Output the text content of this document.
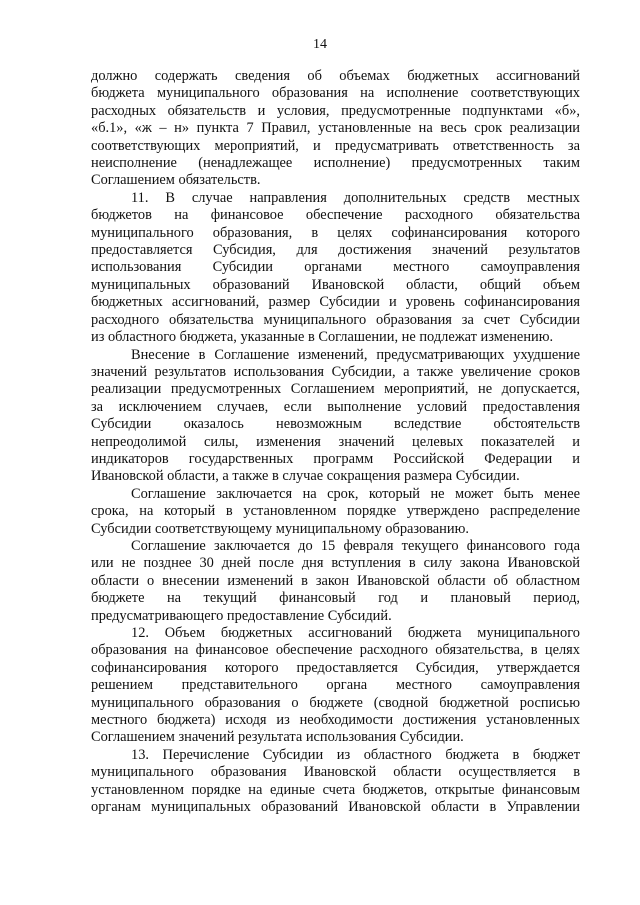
14
должно содержать сведения об объемах бюджетных ассигнований
бюджета муниципального образования на исполнение соответствующих
расходных обязательств и условия, предусмотренные подпунктами «б»,
«б.1», «ж – н» пункта 7 Правил, установленные на весь срок реализации
соответствующих мероприятий, и предусматривать ответственность за
неисполнение (ненадлежащее исполнение) предусмотренных таким
Соглашением обязательств.
11. В случае направления дополнительных средств местных
бюджетов на финансовое обеспечение расходного обязательства
муниципального образования, в целях софинансирования которого
предоставляется Субсидия, для достижения значений результатов
использования Субсидии органами местного самоуправления
муниципальных образований Ивановской области, общий объем
бюджетных ассигнований, размер Субсидии и уровень софинансирования
расходного обязательства муниципального образования за счет Субсидии
из областного бюджета, указанные в Соглашении, не подлежат изменению.
Внесение в Соглашение изменений, предусматривающих ухудшение
значений результатов использования Субсидии, а также увеличение сроков
реализации предусмотренных Соглашением мероприятий, не допускается,
за исключением случаев, если выполнение условий предоставления
Субсидии оказалось невозможным вследствие обстоятельств
непреодолимой силы, изменения значений целевых показателей и
индикаторов государственных программ Российской Федерации и
Ивановской области, а также в случае сокращения размера Субсидии.
Соглашение заключается на срок, который не может быть менее
срока, на который в установленном порядке утверждено распределение
Субсидии соответствующему муниципальному образованию.
Соглашение заключается до 15 февраля текущего финансового года
или не позднее 30 дней после дня вступления в силу закона Ивановской
области о внесении изменений в закон Ивановской области об областном
бюджете на текущий финансовый год и плановый период,
предусматривающего предоставление Субсидий.
12. Объем бюджетных ассигнований бюджета муниципального
образования на финансовое обеспечение расходного обязательства, в целях
софинансирования которого предоставляется Субсидия, утверждается
решением представительного органа местного самоуправления
муниципального образования о бюджете (сводной бюджетной росписью
местного бюджета) исходя из необходимости достижения установленных
Соглашением значений результата использования Субсидии.
13. Перечисление Субсидии из областного бюджета в бюджет
муниципального образования Ивановской области осуществляется в
установленном порядке на единые счета бюджетов, открытые финансовым
органам муниципальных образований Ивановской области в Управлении
